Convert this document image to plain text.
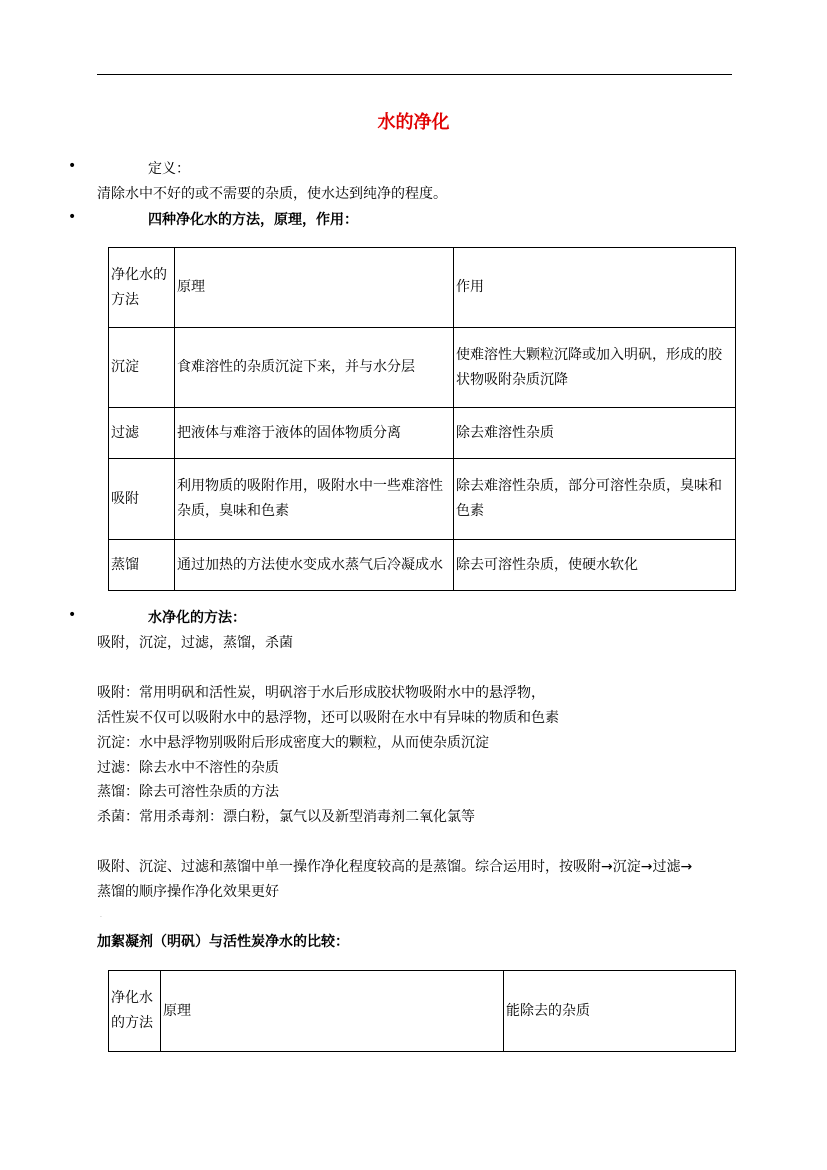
水的净化
•	定义：
清除水中不好的或不需要的杂质，使水达到纯净的程度。
•	四种净化水的方法，原理，作用：
净化水的方法	原理	作用
沉淀	食难溶性的杂质沉淀下来，并与水分层	使难溶性大颗粒沉降或加入明矾，形成的胶状物吸附杂质沉降
过滤	把液体与难溶于液体的固体物质分离	除去难溶性杂质
吸附	利用物质的吸附作用，吸附水中一些难溶性杂质，臭味和色素	除去难溶性杂质，部分可溶性杂质，臭味和色素
蒸馏	通过加热的方法使水变成水蒸气后冷凝成水	除去可溶性杂质，使硬水软化
•	水净化的方法：
吸附，沉淀，过滤，蒸馏，杀菌
吸附：常用明矾和活性炭，明矾溶于水后形成胶状物吸附水中的悬浮物，
活性炭不仅可以吸附水中的悬浮物，还可以吸附在水中有异味的物质和色素
沉淀：水中悬浮物别吸附后形成密度大的颗粒，从而使杂质沉淀
过滤：除去水中不溶性的杂质
蒸馏：除去可溶性杂质的方法
杀菌：常用杀毒剂：漂白粉，氯气以及新型消毒剂二氧化氯等
吸附、沉淀、过滤和蒸馏中单一操作净化程度较高的是蒸馏。综合运用时，按吸附→沉淀→过滤→
蒸馏的顺序操作净化效果更好
.
加絮凝剂（明矾）与活性炭净水的比较：
净化水的方法	原理	能除去的杂质
